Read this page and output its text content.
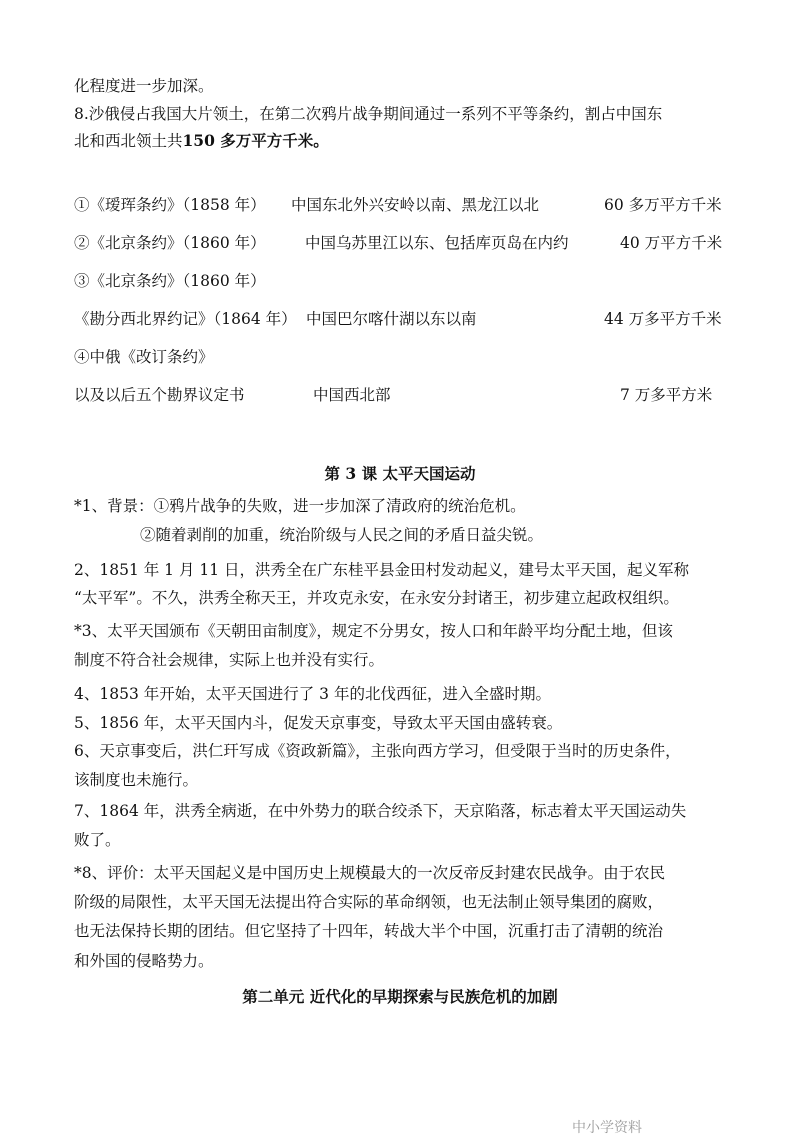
化程度进一步加深。
8.沙俄侵占我国大片领土，在第二次鸦片战争期间通过一系列不平等条约，割占中国东
北和西北领土共150 多万平方千米。
①《瑷珲条约》（1858 年） 中国东北外兴安岭以南、黑龙江以北	60 多万平方千米
②《北京条约》（1860 年）	中国乌苏里江以东、包括库页岛在内约	40 万平方千米
③《北京条约》（1860 年）
《勘分西北界约记》（1864 年） 中国巴尔喀什湖以东以南	44 万多平方千米
④中俄《改订条约》
以及以后五个勘界议定书	中国西北部	7 万多平方米
第 3 课 太平天国运动
*1、背景：①鸦片战争的失败，进一步加深了清政府的统治危机。
②随着剥削的加重，统治阶级与人民之间的矛盾日益尖锐。
2、1851 年 1 月 11 日，洪秀全在广东桂平县金田村发动起义，建号太平天国，起义军称
“太平军”。不久，洪秀全称天王，并攻克永安，在永安分封诸王，初步建立起政权组织。
*3、太平天国颁布《天朝田亩制度》，规定不分男女，按人口和年龄平均分配土地，但该
制度不符合社会规律，实际上也并没有实行。
4、1853 年开始，太平天国进行了 3 年的北伐西征，进入全盛时期。
5、1856 年，太平天国内斗，促发天京事变，导致太平天国由盛转衰。
6、天京事变后，洪仁玕写成《资政新篇》，主张向西方学习，但受限于当时的历史条件，
该制度也未施行。
7、1864 年，洪秀全病逝，在中外势力的联合绞杀下，天京陷落，标志着太平天国运动失
败了。
*8、评价：太平天国起义是中国历史上规模最大的一次反帝反封建农民战争。由于农民
阶级的局限性，太平天国无法提出符合实际的革命纲领，也无法制止领导集团的腐败，
也无法保持长期的团结。但它坚持了十四年，转战大半个中国，沉重打击了清朝的统治
和外国的侵略势力。
第二单元 近代化的早期探索与民族危机的加剧
中小学资料
